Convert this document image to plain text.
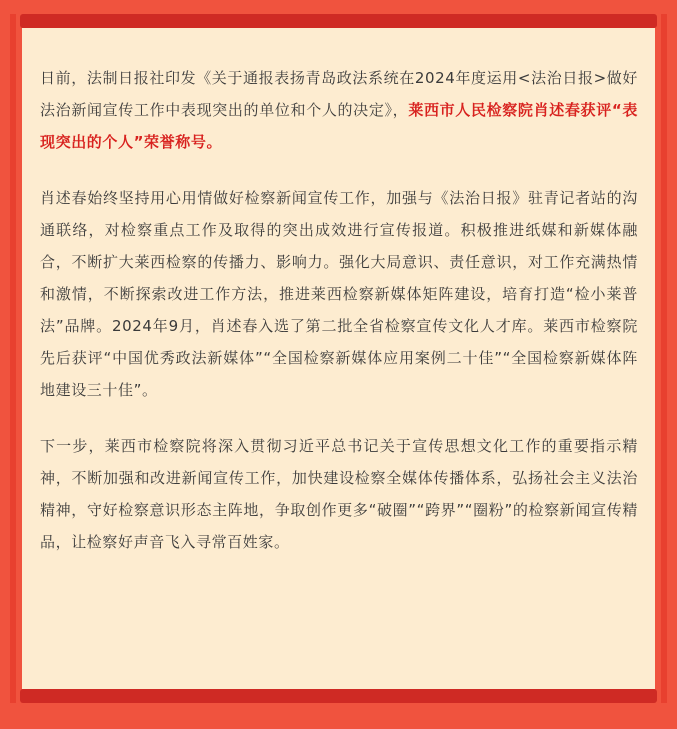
日前，法制日报社印发《关于通报表扬青岛政法系统在2024年度运用<法治日报>做好法治新闻宣传工作中表现突出的单位和个人的决定》，莱西市人民检察院肖述春获评“表现突出的个人”荣誉称号。

肖述春始终坚持用心用情做好检察新闻宣传工作，加强与《法治日报》驻青记者站的沟通联络，对检察重点工作及取得的突出成效进行宣传报道。积极推进纸媒和新媒体融合，不断扩大莱西检察的传播力、影响力。强化大局意识、责任意识，对工作充满热情和激情，不断探索改进工作方法，推进莱西检察新媒体矩阵建设，培育打造“检小莱普法”品牌。2024年9月，肖述春入选了第二批全省检察宣传文化人才库。莱西市检察院先后获评“中国优秀政法新媒体”“全国检察新媒体应用案例二十佳”“全国检察新媒体阵地建设三十佳”。

下一步，莱西市检察院将深入贯彻习近平总书记关于宣传思想文化工作的重要指示精神，不断加强和改进新闻宣传工作，加快建设检察全媒体传播体系，弘扬社会主义法治精神，守好检察意识形态主阵地，争取创作更多“破圈”“跨界”“圈粉”的检察新闻宣传精品，让检察好声音飞入寻常百姓家。
